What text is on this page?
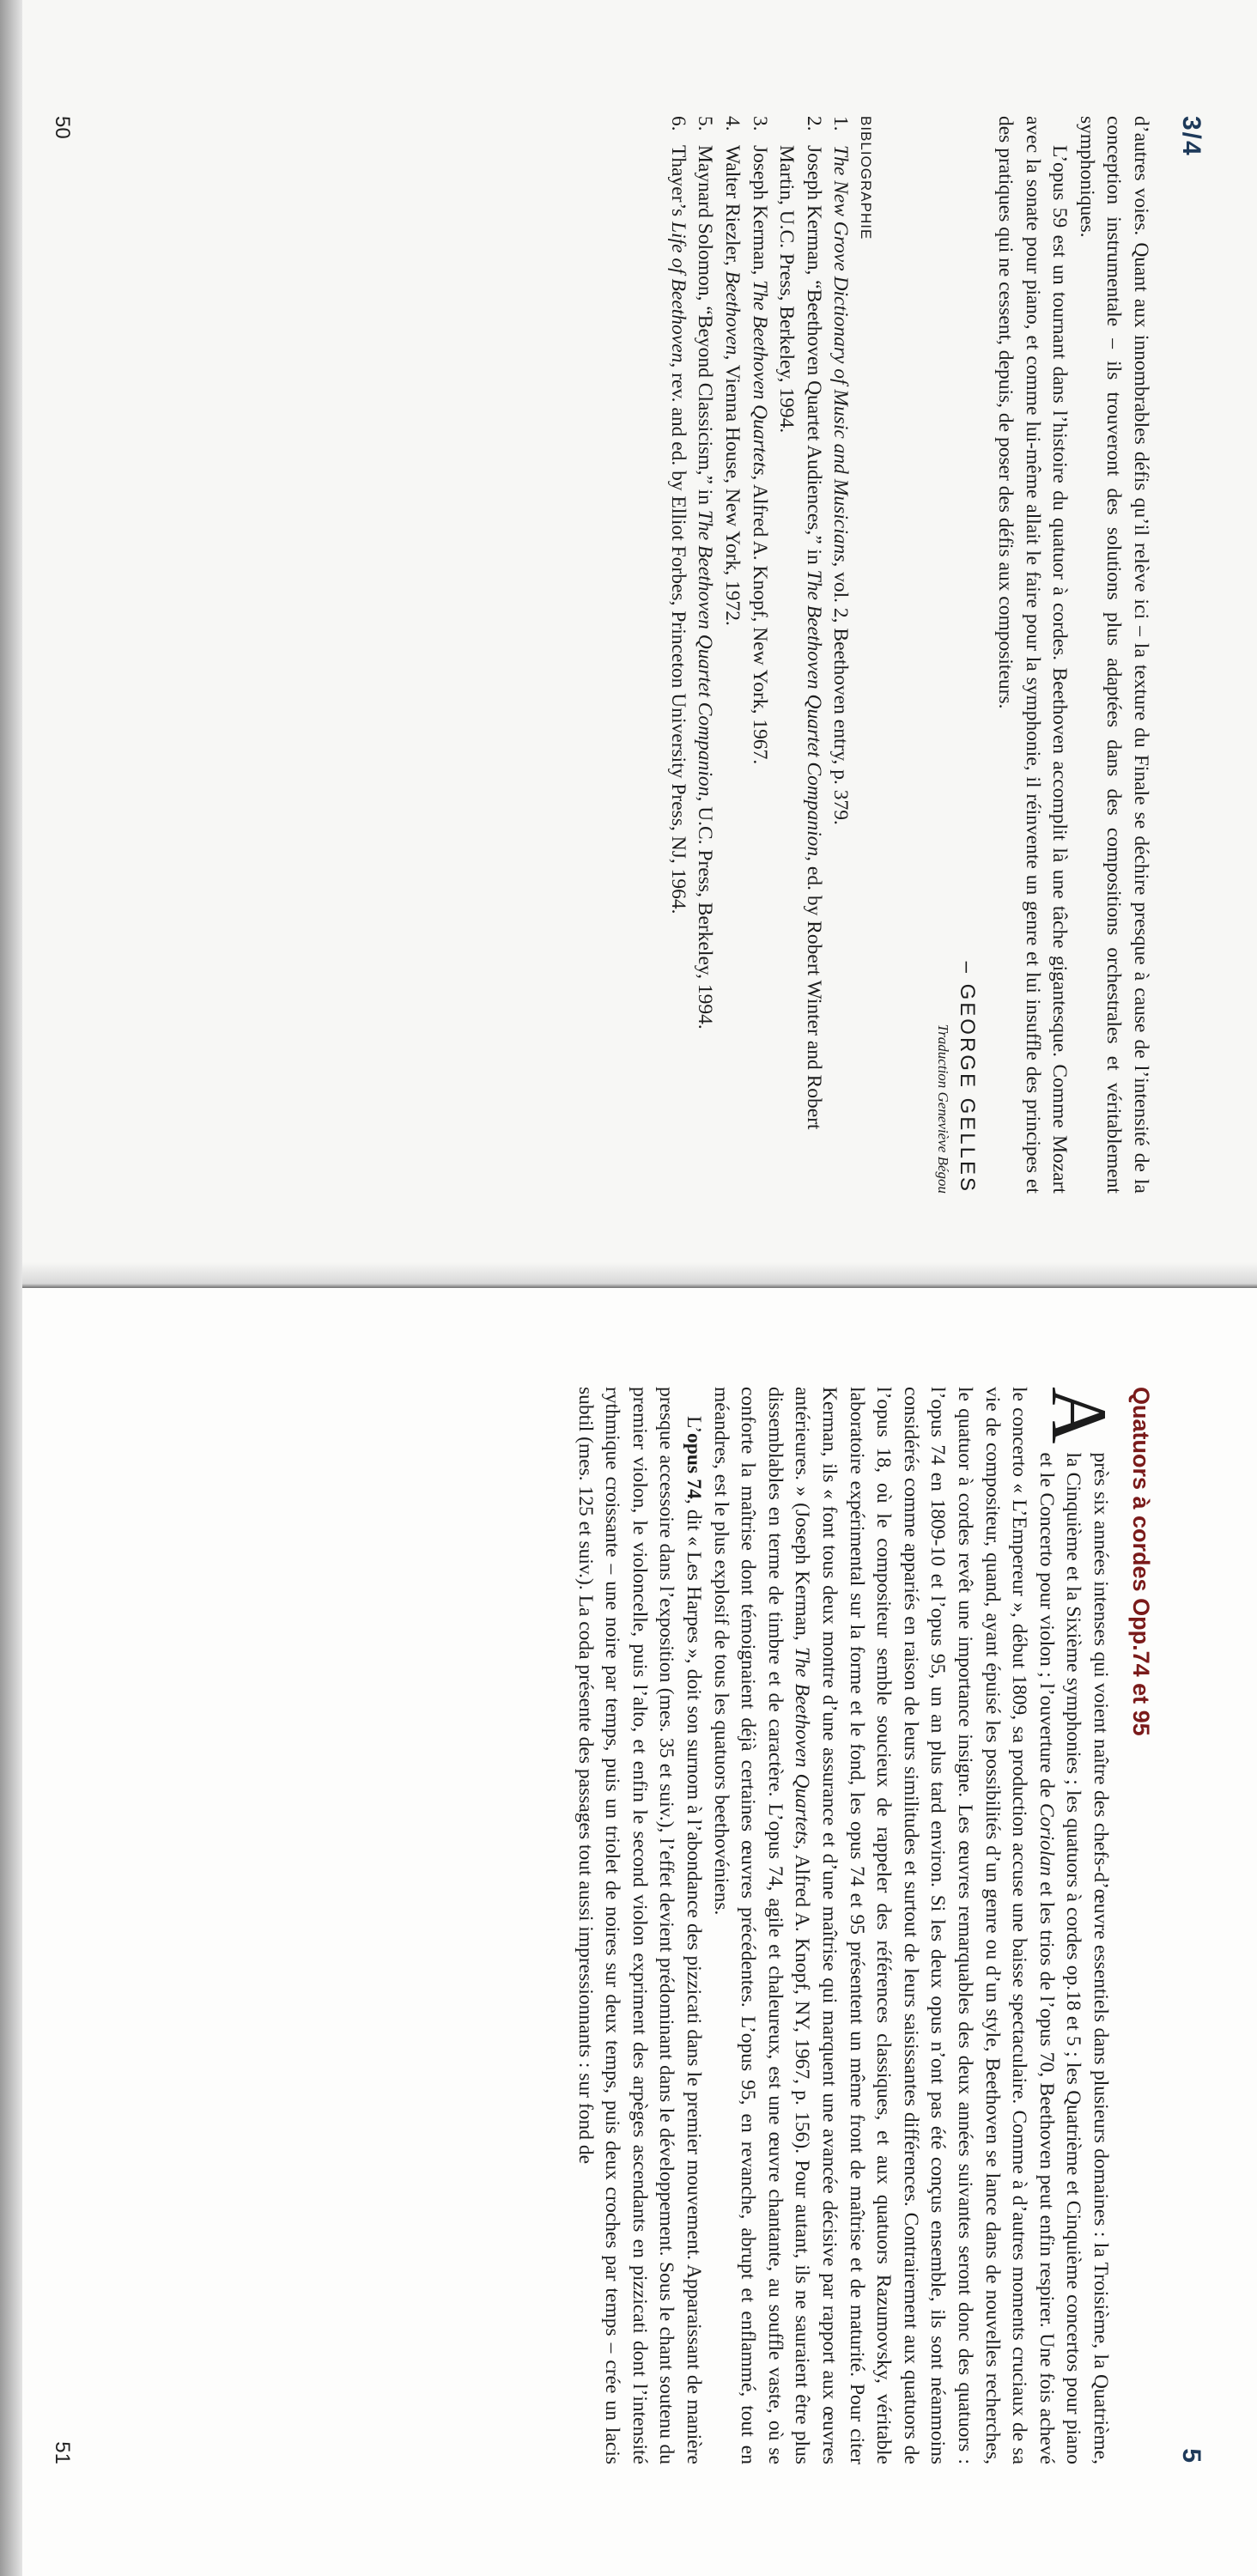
3/4

d’autres voies. Quant aux innombrables défis qu’il relève ici – la texture du Finale se déchire presque à cause de l’intensité de la conception instrumentale – ils trouveront des solutions plus adaptées dans des compositions orchestrales et véritablement symphoniques.

L’opus 59 est un tournant dans l’histoire du quatuor à cordes. Beethoven accomplit là une tâche gigantesque. Comme Mozart avec la sonate pour piano, et comme lui-même allait le faire pour la symphonie, il réinvente un genre et lui insuffle des principes et des pratiques qui ne cessent, depuis, de poser des défis aux compositeurs.

– GEORGE GELLES
Traduction Geneviève Bégou
BIBLIOGRAPHIE
1.
The New Grove Dictionary of Music and Musicians, vol. 2, Beethoven entry, p. 379.
2.
Joseph Kerman, “Beethoven Quartet Audiences,” in The Beethoven Quartet Companion, ed. by Robert Winter and Robert Martin, U.C. Press, Berkeley, 1994.
3.
Joseph Kerman, The Beethoven Quartets, Alfred A. Knopf, New York, 1967.
4.
Walter Riezler, Beethoven, Vienna House, New York, 1972.
5.
Maynard Solomon, “Beyond Classicism,” in The Beethoven Quartet Companion, U.C. Press, Berkeley, 1994.
6.
Thayer’s Life of Beethoven, rev. and ed. by Elliot Forbes, Princeton University Press, NJ, 1964.
50
5
Quatuors à cordes Opp.74 et 95

A
près six années intenses qui voient naître des chefs-d’œuvre essentiels dans plusieurs domaines : la Troisième, la Quatrième, la Cinquième et la Sixième symphonies ; les quatuors à cordes op.18 et 5 ; les Quatrième et Cinquième concertos pour piano et le Concerto pour violon ; l’ouverture de Coriolan et les trios de l’opus 70, Beethoven peut enfin respirer. Une fois achevé le concerto « L’Empereur », début 1809, sa production accuse une baisse spectaculaire. Comme à d’autres moments cruciaux de sa vie de compositeur, quand, ayant épuisé les possibilités d’un genre ou d’un style, Beethoven se lance dans de nouvelles recherches, le quatuor à cordes revêt une importance insigne. Les œuvres remarquables des deux années suivantes seront donc des quatuors : l’opus 74 en 1809-10 et l’opus 95, un an plus tard environ. Si les deux opus n’ont pas été conçus ensemble, ils sont néanmoins considérés comme appariés en raison de leurs similitudes et surtout de leurs saisissantes différences. Contrairement aux quatuors de l’opus 18, où le compositeur semble soucieux de rappeler des références classiques, et aux quatuors Razumovsky, véritable laboratoire expérimental sur la forme et le fond, les opus 74 et 95 présentent un même front de maîtrise et de maturité. Pour citer Kerman, ils « font tous deux montre d’une assurance et d’une maîtrise qui marquent une avancée décisive par rapport aux œuvres antérieures. » (Joseph Kerman, The Beethoven Quartets, Alfred A. Knopf, NY, 1967, p. 156). Pour autant, ils ne sauraient être plus dissemblables en terme de timbre et de caractère. L’opus 74, agile et chaleureux, est une œuvre chantante, au souffle vaste, où se conforte la maîtrise dont témoignaient déjà certaines œuvres précédentes. L’opus 95, en revanche, abrupt et enflammé, tout en méandres, est le plus explosif de tous les quatuors beethovéniens.

L’opus 74, dit « Les Harpes », doit son surnom à l’abondance des pizzicati dans le premier mouvement. Apparaissant de manière presque accessoire dans l’exposition (mes. 35 et suiv.), l’effet devient prédominant dans le développement. Sous le chant soutenu du premier violon, le violoncelle, puis l’alto, et enfin le second violon expriment des arpèges ascendants en pizzicati dont l’intensité rythmique croissante – une noire par temps, puis un triolet de noires sur deux temps, puis deux croches par temps – crée un lacis subtil (mes. 125 et suiv.). La coda présente des passages tout aussi impressionnants : sur fond de

51
